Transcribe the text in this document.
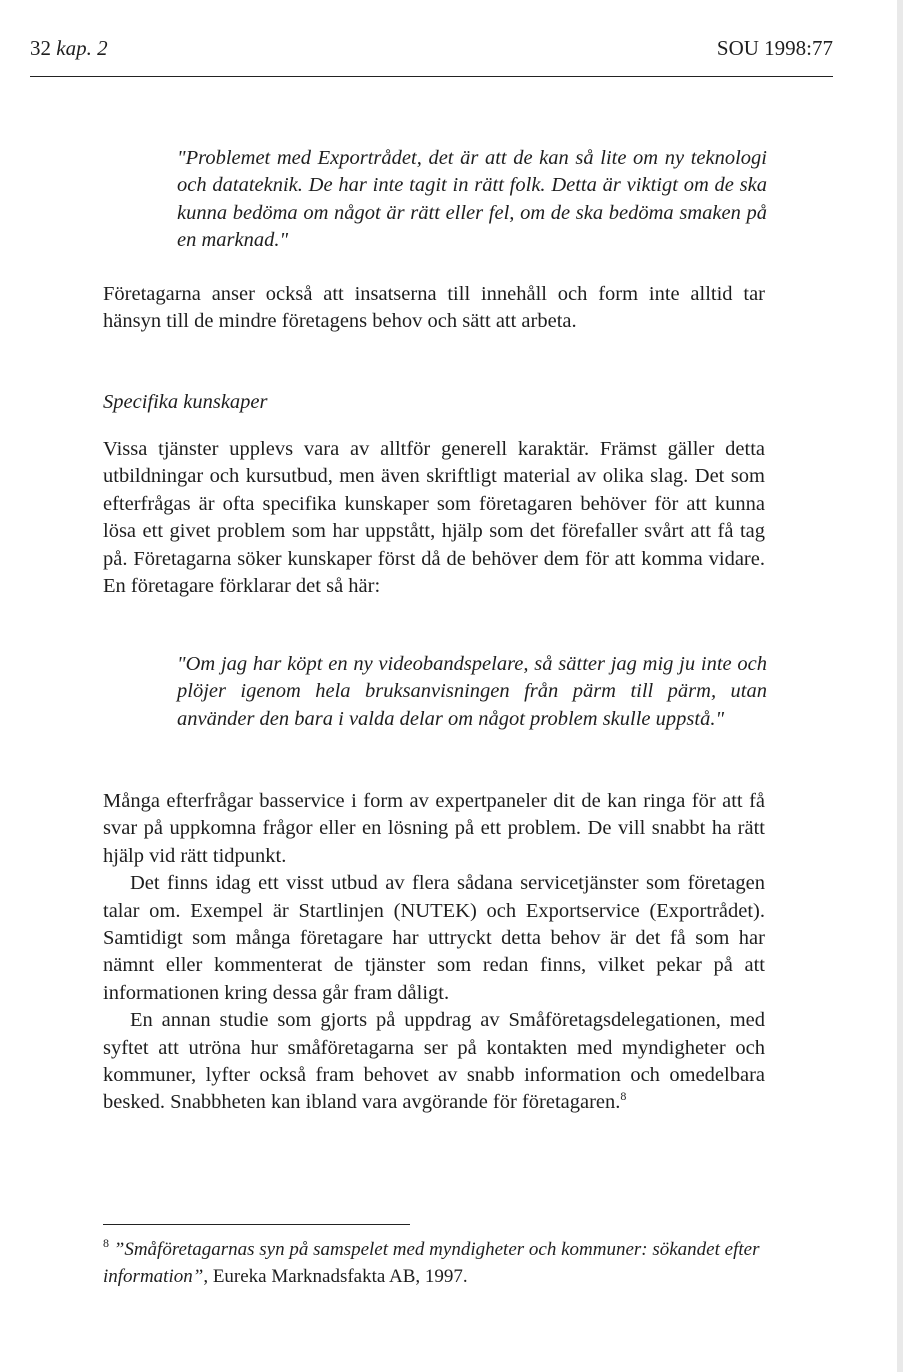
32 kap. 2	SOU 1998:77

"Problemet med Exportrådet, det är att de kan så lite om ny teknologi och datateknik. De har inte tagit in rätt folk. Detta är viktigt om de ska kunna bedöma om något är rätt eller fel, om de ska bedöma smaken på en marknad."

Företagarna anser också att insatserna till innehåll och form inte alltid tar hänsyn till de mindre företagens behov och sätt att arbeta.

Specifika kunskaper

Vissa tjänster upplevs vara av alltför generell karaktär. Främst gäller detta utbildningar och kursutbud, men även skriftligt material av olika slag. Det som efterfrågas är ofta specifika kunskaper som företagaren behöver för att kunna lösa ett givet problem som har uppstått, hjälp som det förefaller svårt att få tag på. Företagarna söker kunskaper först då de behöver dem för att komma vidare. En företagare förklarar det så här:

"Om jag har köpt en ny videobandspelare, så sätter jag mig ju inte och plöjer igenom hela bruksanvisningen från pärm till pärm, utan använder den bara i valda delar om något problem skulle uppstå."

Många efterfrågar basservice i form av expertpaneler dit de kan ringa för att få svar på uppkomna frågor eller en lösning på ett problem. De vill snabbt ha rätt hjälp vid rätt tidpunkt.

Det finns idag ett visst utbud av flera sådana servicetjänster som företagen talar om. Exempel är Startlinjen (NUTEK) och Exportservice (Exportrådet). Samtidigt som många företagare har uttryckt detta behov är det få som har nämnt eller kommenterat de tjänster som redan finns, vilket pekar på att informationen kring dessa går fram dåligt.

En annan studie som gjorts på uppdrag av Småföretagsdelegationen, med syftet att utröna hur småföretagarna ser på kontakten med myndigheter och kommuner, lyfter också fram behovet av snabb information och omedelbara besked. Snabbheten kan ibland vara avgörande för företagaren.$^8$

$^8$ ”Småföretagarnas syn på samspelet med myndigheter och kommuner: sökandet efter information”, Eureka Marknadsfakta AB, 1997.
